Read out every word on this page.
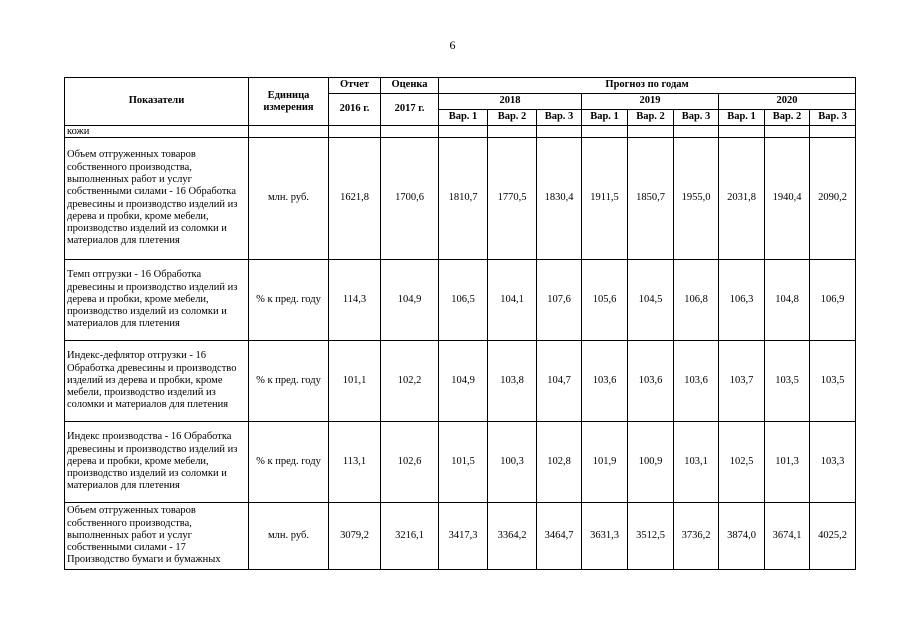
6
Показатели	Единица измерения	Отчет	Оценка	Прогноз по годам								
		2016 г.	2017 г.	2018			2019			2020		
				Вар. 1	Вар. 2	Вар. 3	Вар. 1	Вар. 2	Вар. 3	Вар. 1	Вар. 2	Вар. 3
кожи												
Объем отгруженных товаров собственного производства, выполненных работ и услуг собственными силами - 16 Обработка древесины и производство изделий из дерева и пробки, кроме мебели, производство изделий из соломки и материалов для плетения	млн. руб.	1621,8	1700,6	1810,7	1770,5	1830,4	1911,5	1850,7	1955,0	2031,8	1940,4	2090,2
Темп отгрузки - 16 Обработка древесины и производство изделий из дерева и пробки, кроме мебели, производство изделий из соломки и материалов для плетения	% к пред. году	114,3	104,9	106,5	104,1	107,6	105,6	104,5	106,8	106,3	104,8	106,9
Индекс-дефлятор отгрузки - 16 Обработка древесины и производство изделий из дерева и пробки, кроме мебели, производство изделий из соломки и материалов для плетения	% к пред. году	101,1	102,2	104,9	103,8	104,7	103,6	103,6	103,6	103,7	103,5	103,5
Индекс производства - 16 Обработка древесины и производство изделий из дерева и пробки, кроме мебели, производство изделий из соломки и материалов для плетения	% к пред. году	113,1	102,6	101,5	100,3	102,8	101,9	100,9	103,1	102,5	101,3	103,3

Объем отгруженных товаров собственного производства, выполненных работ и услуг собственными силами - 17 Производство бумаги и бумажных	млн. руб.	3079,2	3216,1	3417,3	3364,2	3464,7	3631,3	3512,5	3736,2	3874,0	3674,1	4025,2
